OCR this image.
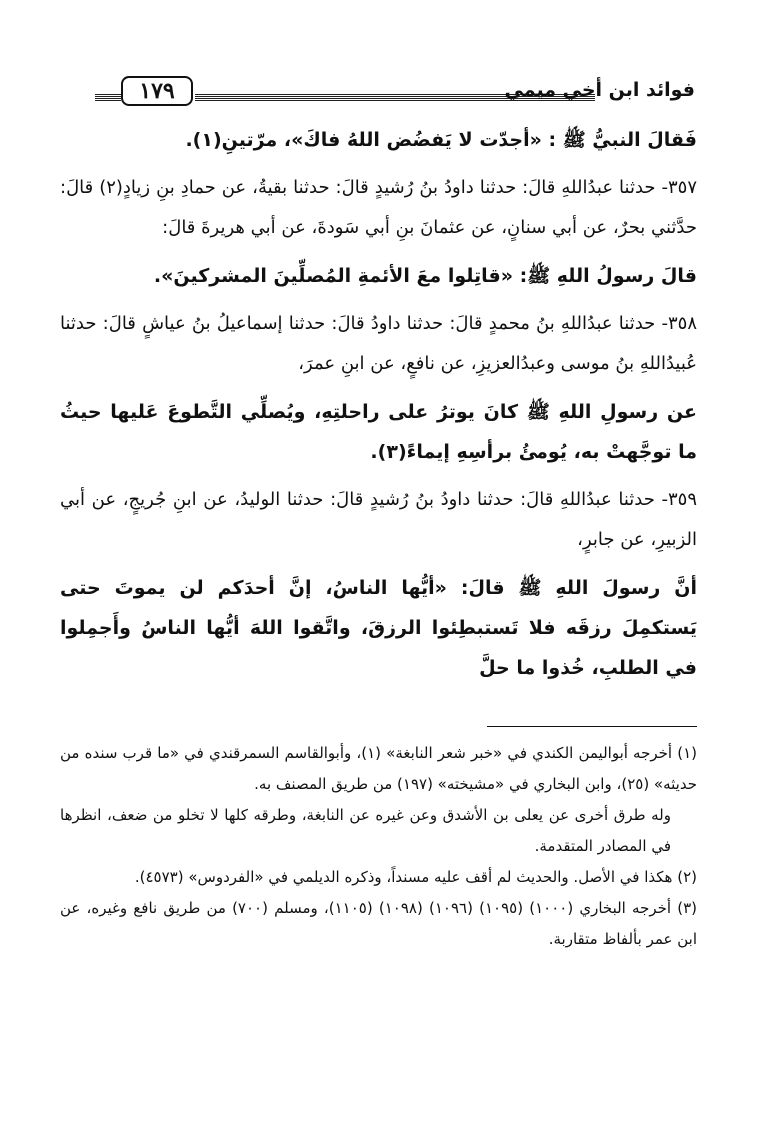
١٧٩	فوائد ابن أخي ميمي

فَقالَ النبيُّ ﷺ : «أجدّت لا يَفضُض اللهُ فاكَ»، مرّتينِ(١).

٣٥٧- حدثنا عبدُاللهِ قالَ: حدثنا داودُ بنُ رُشيدٍ قالَ: حدثنا بقيةُ، عن حمادِ بنِ زيادٍ(٢) قالَ: حدَّثني بحرٌ، عن أبي سنانٍ، عن عثمانَ بنِ أبي سَودةَ، عن أبي هريرةَ قالَ:

قالَ رسولُ اللهِ ﷺ: «قاتِلوا معَ الأئمةِ المُصلِّينَ المشركينَ».

٣٥٨- حدثنا عبدُاللهِ بنُ محمدٍ قالَ: حدثنا داودُ قالَ: حدثنا إسماعيلُ بنُ عياشٍ قالَ: حدثنا عُبيدُاللهِ بنُ موسى وعبدُالعزيزِ، عن نافعٍ، عن ابنِ عمرَ،

عن رسولِ اللهِ ﷺ كانَ يوترُ على راحلتِهِ، ويُصلِّي التَّطوعَ عَليها حيثُ ما توجَّهتْ به، يُومئُ برأسِهِ إيماءً(٣).

٣٥٩- حدثنا عبدُاللهِ قالَ: حدثنا داودُ بنُ رُشيدٍ قالَ: حدثنا الوليدُ، عن ابنِ جُريجٍ، عن أبي الزبيرِ، عن جابرٍ،

أنَّ رسولَ اللهِ ﷺ قالَ: «أيُّها الناسُ، إنَّ أحدَكم لن يموتَ حتى يَستكمِلَ رزقَه فلا تَستبطِئوا الرزقَ، واتَّقوا اللهَ أيُّها الناسُ وأَجمِلوا في الطلبِ، خُذوا ما حلَّ

(١) أخرجه أبواليمن الكندي في «خبر شعر النابغة» (١)، وأبوالقاسم السمرقندي في «ما قرب سنده من حديثه» (٢٥)، وابن البخاري في «مشيخته» (١٩٧) من طريق المصنف به.

وله طرق أخرى عن يعلى بن الأشدق وعن غيره عن النابغة، وطرقه كلها لا تخلو من ضعف، انظرها في المصادر المتقدمة.

(٢) هكذا في الأصل. والحديث لم أقف عليه مسنداً، وذكره الديلمي في «الفردوس» (٤٥٧٣).

(٣) أخرجه البخاري (١٠٠٠) (١٠٩٥) (١٠٩٦) (١٠٩٨) (١١٠٥)، ومسلم (٧٠٠) من طريق نافع وغيره، عن ابن عمر بألفاظ متقاربة.
